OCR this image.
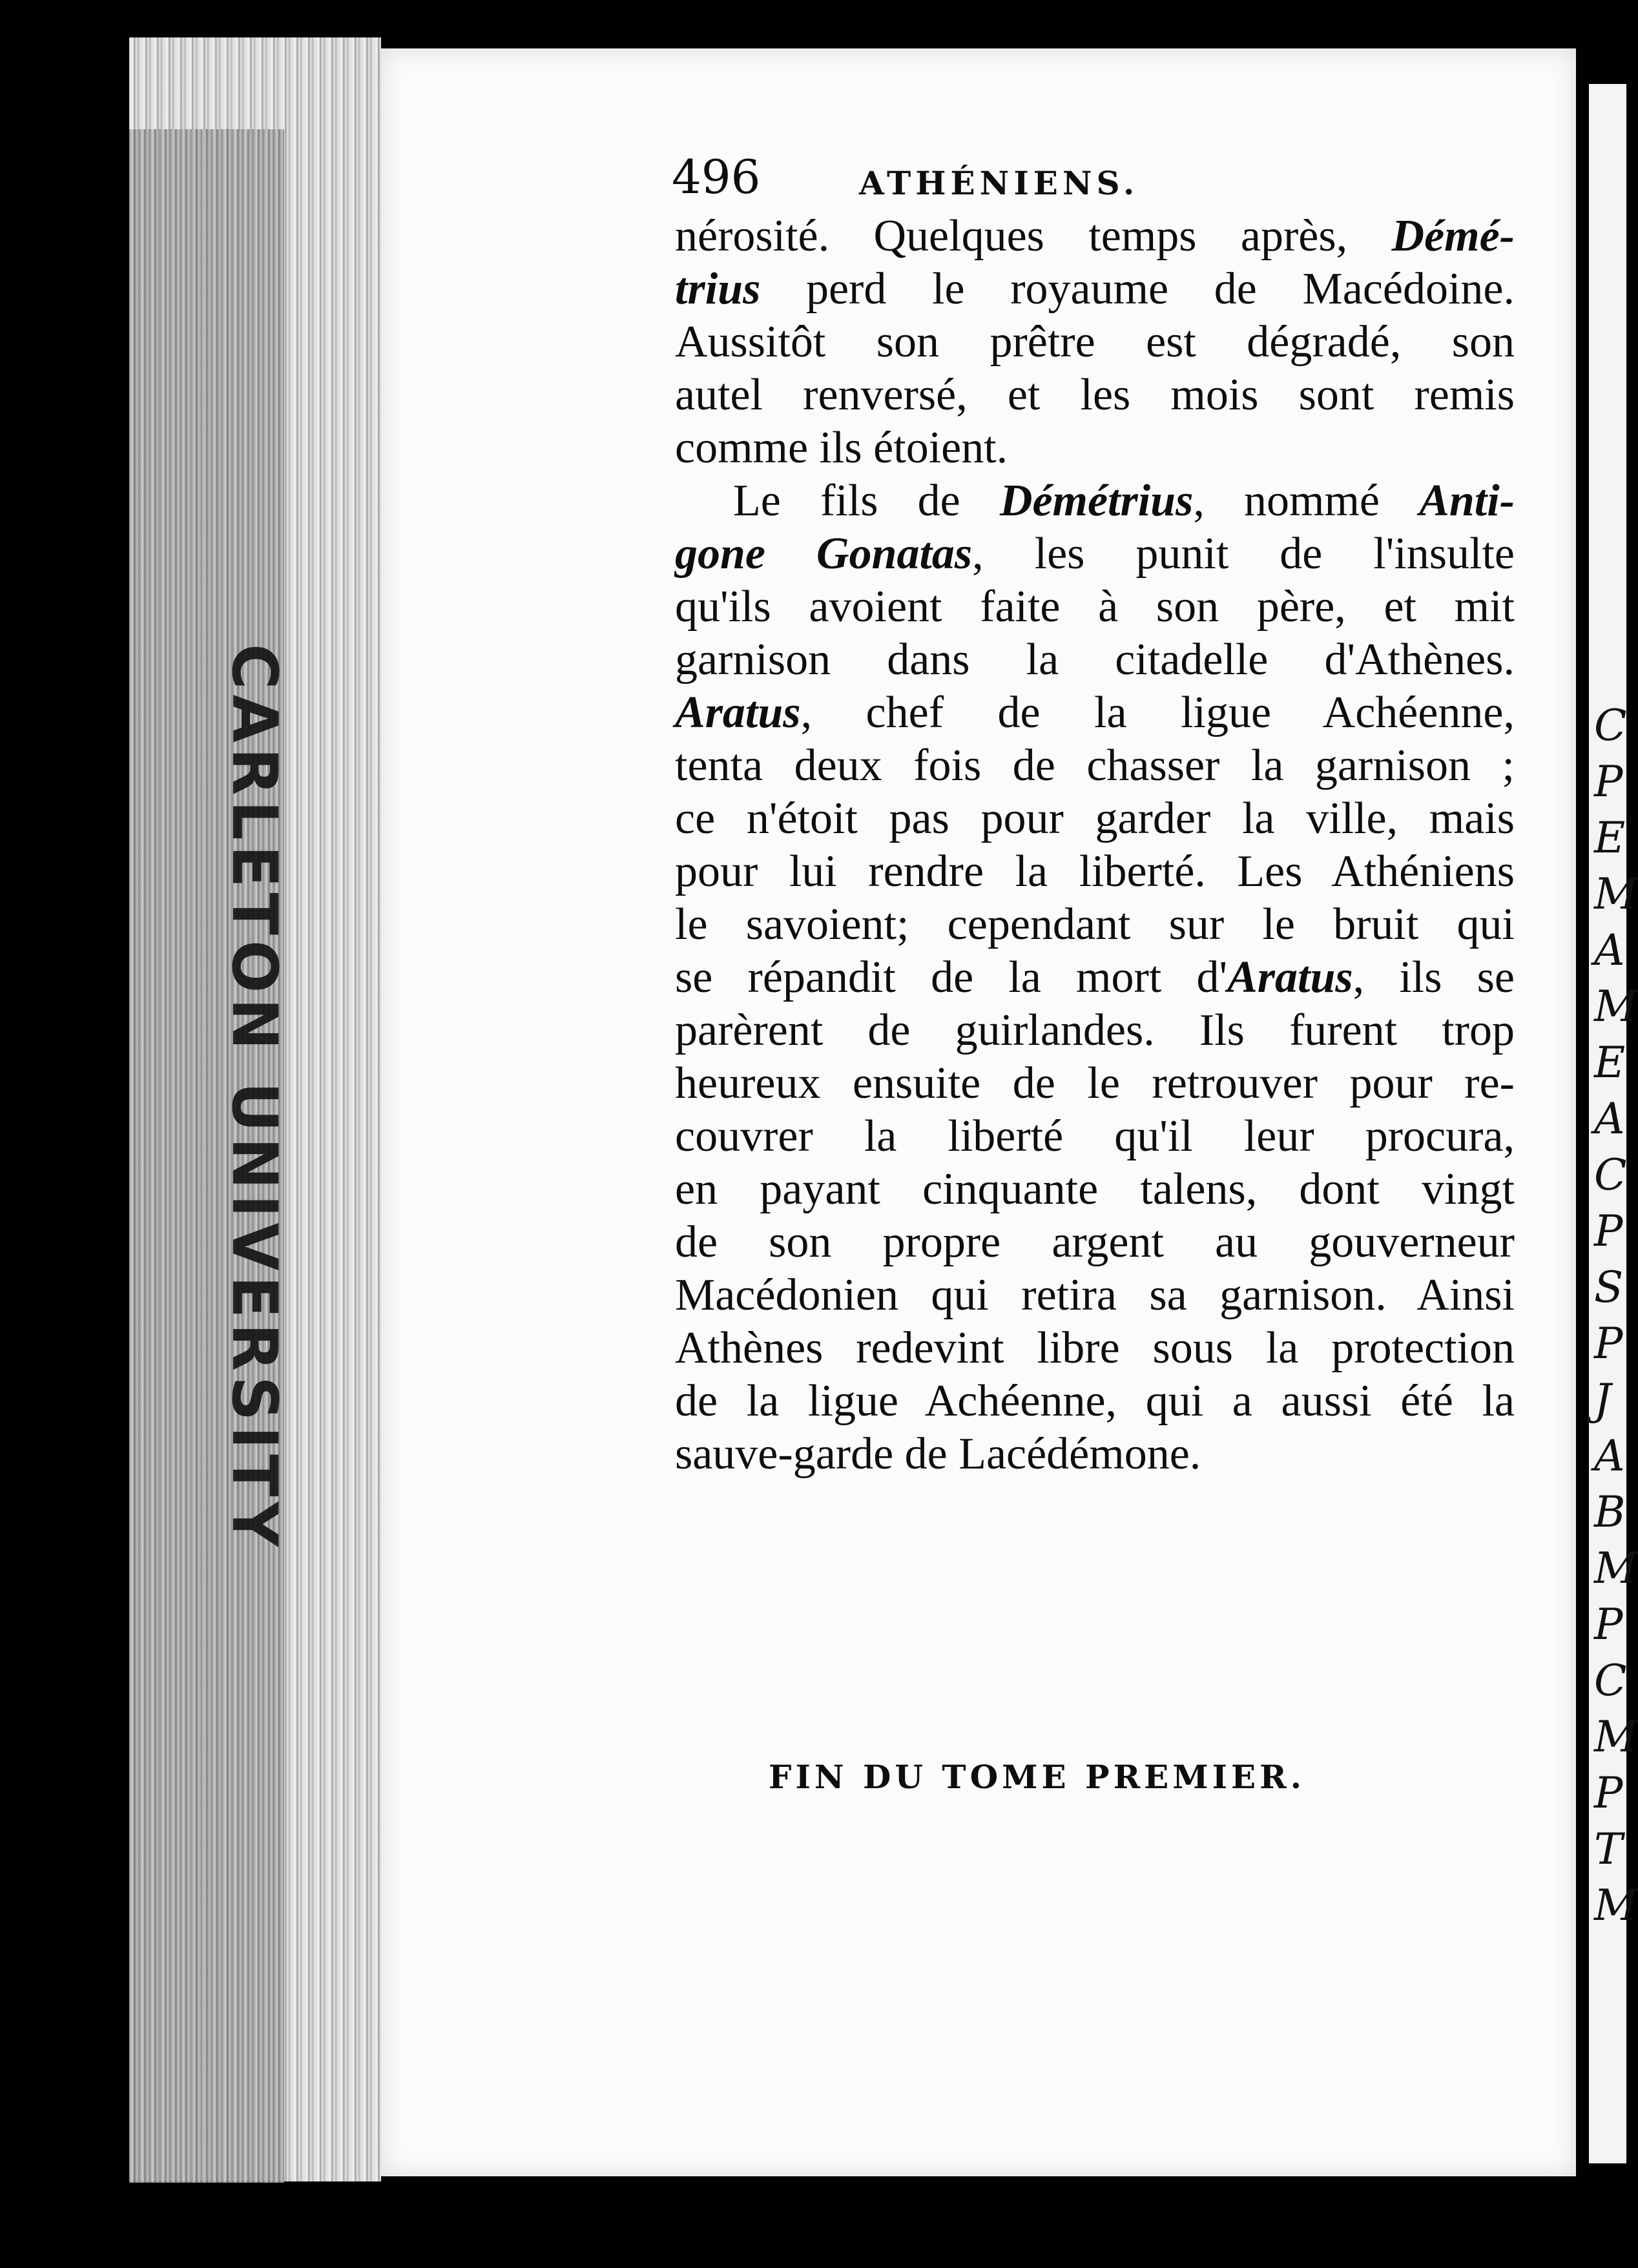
CARLETON UNIVERSITY	C
P
E
M
A
M
E
A
C
P
S
P
J
A
B
M
P
C
M
P
T
M
496	ATHÉNIENS.
nérosité. Quelques temps après, Démé-
trius perd le royaume de Macédoine.
Aussitôt son prêtre est dégradé, son
autel renversé, et les mois sont remis
comme ils étoient.
Le fils de Démétrius, nommé Anti-
gone Gonatas, les punit de l'insulte
qu'ils avoient faite à son père, et mit
garnison dans la citadelle d'Athènes.
Aratus, chef de la ligue Achéenne,
tenta deux fois de chasser la garnison ;
ce n'étoit pas pour garder la ville, mais
pour lui rendre la liberté. Les Athéniens
le savoient; cependant sur le bruit qui
se répandit de la mort d'Aratus, ils se
parèrent de guirlandes. Ils furent trop
heureux ensuite de le retrouver pour re-
couvrer la liberté qu'il leur procura,
en payant cinquante talens, dont vingt
de son propre argent au gouverneur
Macédonien qui retira sa garnison. Ainsi
Athènes redevint libre sous la protection
de la ligue Achéenne, qui a aussi été la
sauve-garde de Lacédémone.
FIN DU TOME PREMIER.
